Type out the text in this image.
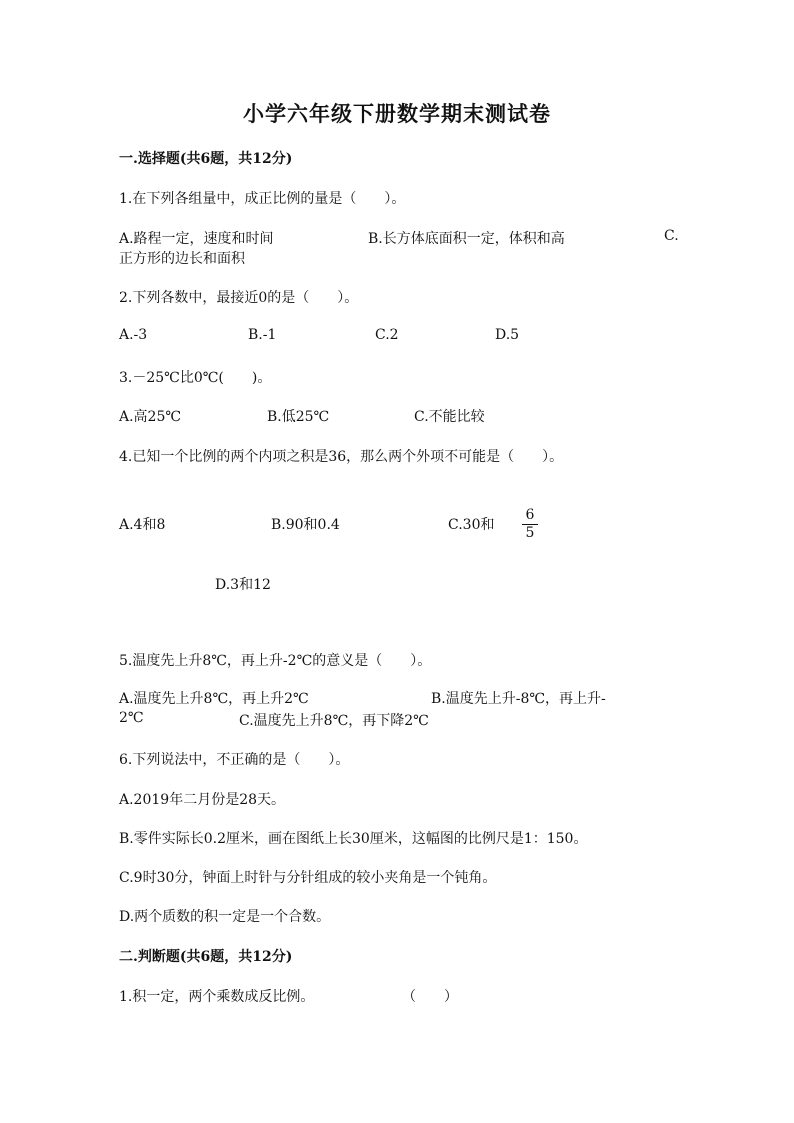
小学六年级下册数学期末测试卷
一.选择题(共6题，共12分)
1.在下列各组量中，成正比例的量是（　　）。
A.路程一定，速度和时间	B.长方体底面积一定，体积和高	C.
正方形的边长和面积
2.下列各数中，最接近0的是（　　）。
A.-3	B.-1	C.2	D.5
3.－25℃比0℃(　　)。
A.高25℃	B.低25℃	C.不能比较
4.已知一个比例的两个内项之积是36，那么两个外项不可能是（　　）。
A.4和8	B.90和0.4	C.30和
6
5
D.3和12
5.温度先上升8℃，再上升-2℃的意义是（　　）。
A.温度先上升8℃，再上升2℃	B.温度先上升-8℃，再上升-
2℃	C.温度先上升8℃，再下降2℃
6.下列说法中，不正确的是（　　）。
A.2019年二月份是28天。
B.零件实际长0.2厘米，画在图纸上长30厘米，这幅图的比例尺是1：150。
C.9时30分，钟面上时针与分针组成的较小夹角是一个钝角。
D.两个质数的积一定是一个合数。
二.判断题(共6题，共12分)
1.积一定，两个乘数成反比例。	（　　）
